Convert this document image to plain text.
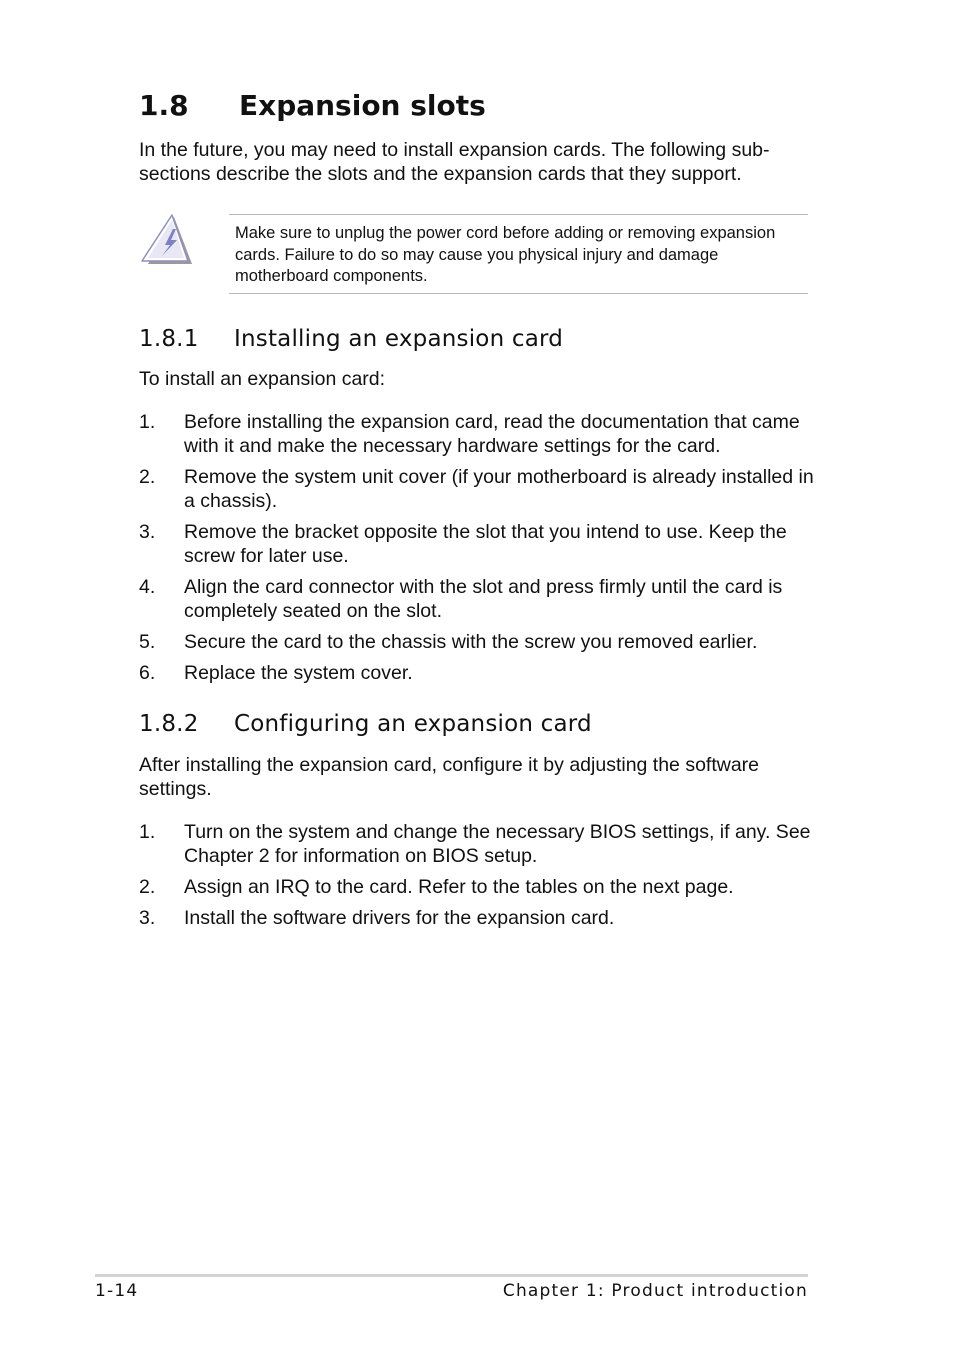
1.8 Expansion slots

In the future, you may need to install expansion cards. The following sub-sections describe the slots and the expansion cards that they support.

Make sure to unplug the power cord before adding or removing expansion cards. Failure to do so may cause you physical injury and damage motherboard components.

1.8.1 Installing an expansion card

To install an expansion card:

1. Before installing the expansion card, read the documentation that came with it and make the necessary hardware settings for the card.
2. Remove the system unit cover (if your motherboard is already installed in a chassis).
3. Remove the bracket opposite the slot that you intend to use. Keep the screw for later use.
4. Align the card connector with the slot and press firmly until the card is completely seated on the slot.
5. Secure the card to the chassis with the screw you removed earlier.
6. Replace the system cover.
1.8.2 Configuring an expansion card

After installing the expansion card, configure it by adjusting the software settings.

1. Turn on the system and change the necessary BIOS settings, if any. See Chapter 2 for information on BIOS setup.
2. Assign an IRQ to the card. Refer to the tables on the next page.
3. Install the software drivers for the expansion card.
1-14	Chapter 1: Product introduction
